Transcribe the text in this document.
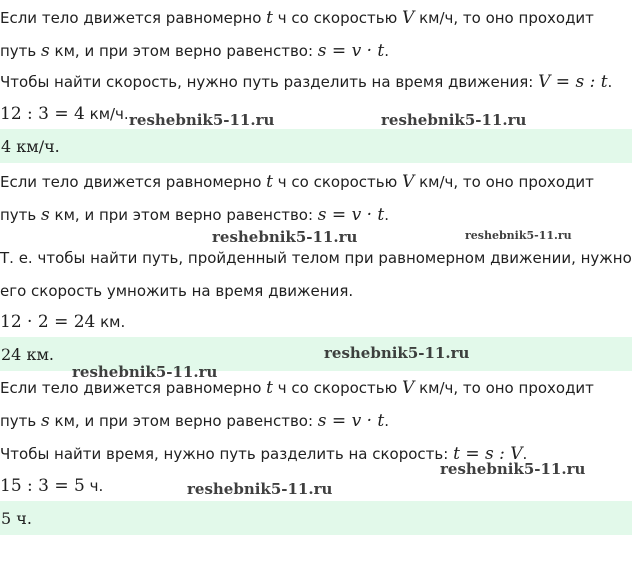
Если тело движется равномерно t ч со скоростью V км/ч, то оно проходит
путь s км, и при этом верно равенство: s = v · t.
Чтобы найти скорость, нужно путь разделить на время движения: V = s : t.
12 : 3 = 4 км/ч.
4 км/ч.
Если тело движется равномерно t ч со скоростью V км/ч, то оно проходит
путь s км, и при этом верно равенство: s = v · t.
Т. е. чтобы найти путь, пройденный телом при равномерном движении, нужно
его скорость умножить на время движения.
12 · 2 = 24 км.
24 км.
Если тело движется равномерно t ч со скоростью V км/ч, то оно проходит
путь s км, и при этом верно равенство: s = v · t.
Чтобы найти время, нужно путь разделить на скорость: t = s : V.
15 : 3 = 5 ч.
5 ч.
reshebnik5-11.ru	reshebnik5-11.ru
reshebnik5-11.ru	reshebnik5-11.ru
reshebnik5-11.ru
reshebnik5-11.ru
reshebnik5-11.ru
reshebnik5-11.ru
